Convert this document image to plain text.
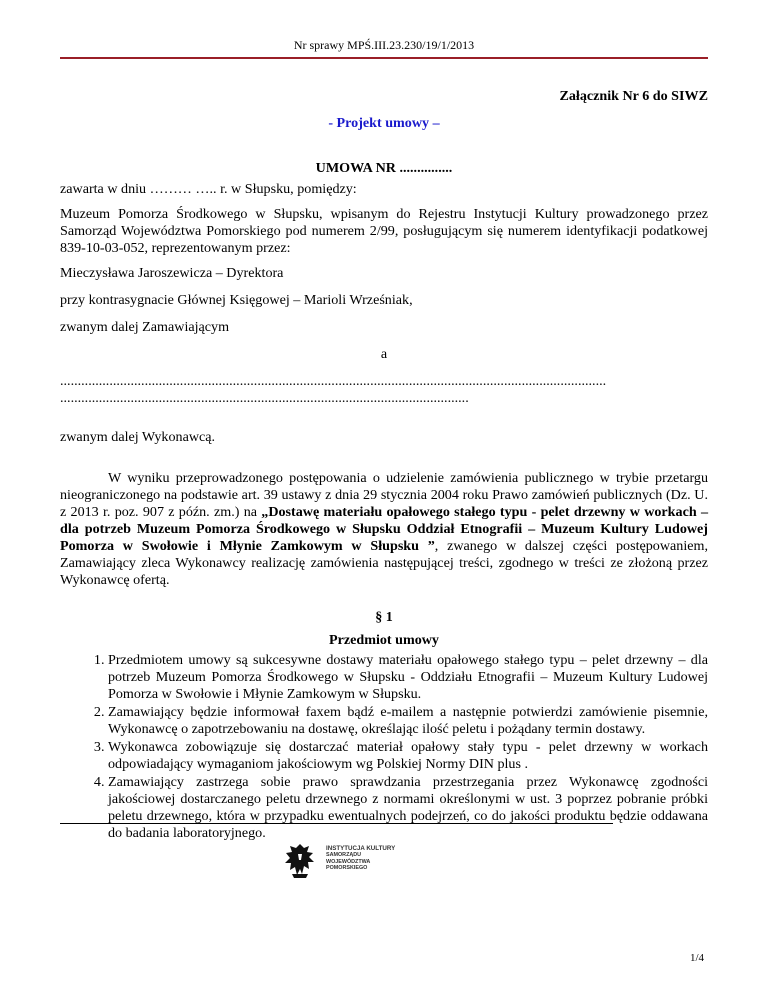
Nr sprawy MPŚ.III.23.230/19/1/2013
Załącznik Nr 6 do SIWZ
- Projekt umowy –
UMOWA NR ...............

zawarta w dniu ……… ….. r. w Słupsku, pomiędzy:

Muzeum Pomorza Środkowego w Słupsku, wpisanym do Rejestru Instytucji Kultury prowadzonego przez Samorząd Województwa Pomorskiego pod numerem 2/99, posługującym się numerem identyfikacji podatkowej 839-10-03-052, reprezentowanym przez:

Mieczysława Jaroszewicza – Dyrektora

przy kontrasygnacie Głównej Księgowej – Marioli Wrześniak,

zwanym dalej Zamawiającym

a

...........................................................................................................................................................
....................................................................................................................

zwanym dalej Wykonawcą.

W wyniku przeprowadzonego postępowania o udzielenie zamówienia publicznego w trybie przetargu nieograniczonego na podstawie art. 39 ustawy z dnia 29 stycznia 2004 roku Prawo zamówień publicznych (Dz. U. z 2013 r. poz. 907 z późn. zm.) na „Dostawę materiału opałowego stałego typu - pelet drzewny w workach – dla potrzeb Muzeum Pomorza Środkowego w Słupsku Oddział Etnografii – Muzeum Kultury Ludowej Pomorza w Swołowie i Młynie Zamkowym w Słupsku ”, zwanego w dalszej części postępowaniem, Zamawiający zleca Wykonawcy realizację zamówienia następującej treści, zgodnego w treści ze złożoną przez Wykonawcę ofertą.

§ 1
Przedmiot umowy
1. Przedmiotem umowy są sukcesywne dostawy materiału opałowego stałego typu – pelet drzewny – dla potrzeb Muzeum Pomorza Środkowego w Słupsku - Oddziału Etnografii – Muzeum Kultury Ludowej Pomorza w Swołowie i Młynie Zamkowym w Słupsku.
2. Zamawiający będzie informował faxem bądź e-mailem a następnie potwierdzi zamówienie pisemnie, Wykonawcę o zapotrzebowaniu na dostawę, określając ilość peletu i pożądany termin dostawy.
3. Wykonawca zobowiązuje się dostarczać materiał opałowy stały typu - pelet drzewny w workach odpowiadający wymaganiom jakościowym wg Polskiej Normy DIN plus .
4. Zamawiający zastrzega sobie prawo sprawdzania przestrzegania przez Wykonawcę zgodności jakościowej dostarczanego peletu drzewnego z normami określonymi w ust. 3 poprzez pobranie próbki peletu drzewnego, która w przypadku ewentualnych podejrzeń, co do jakości produktu będzie oddawana do badania laboratoryjnego.
INSTYTUCJA KULTURY
SAMORZĄDU
WOJEWÓDZTWA
POMORSKIEGO
1/4
